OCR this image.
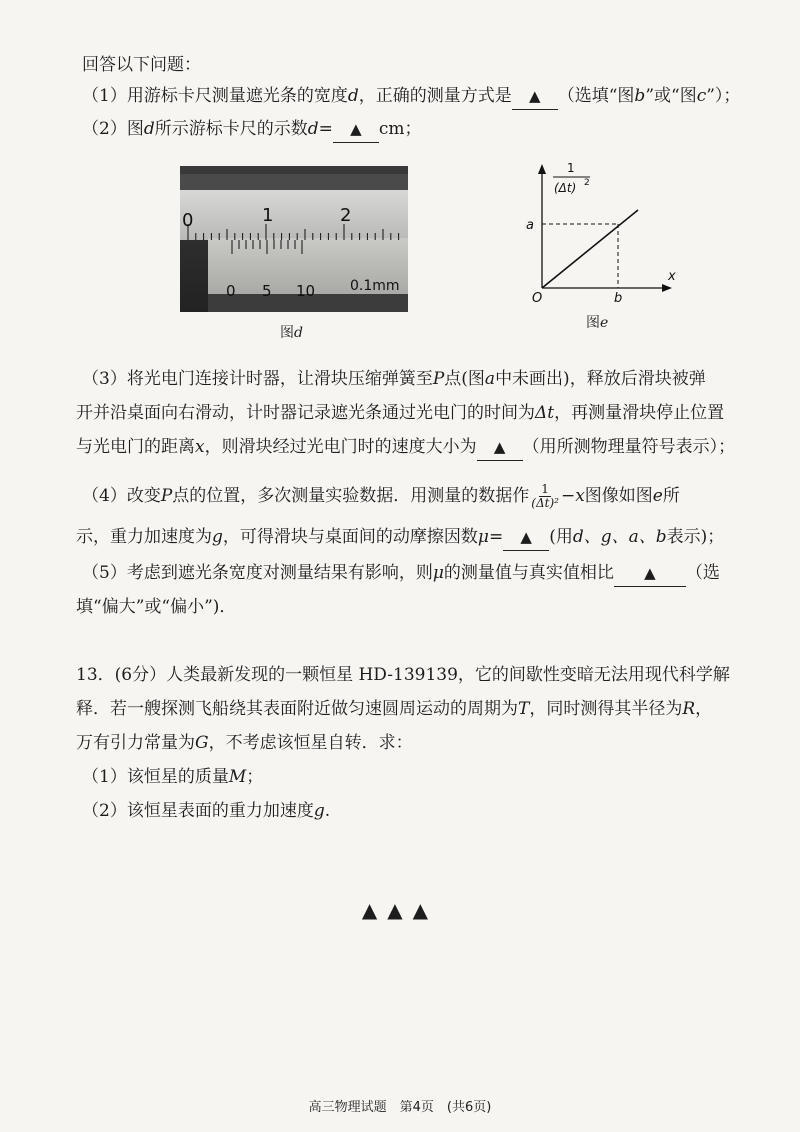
回答以下问题：
（1）用游标卡尺测量遮光条的宽度d，正确的测量方式是 ▲ （选填“图b”或“图c”）；
（2）图d所示游标卡尺的示数d= ▲ cm；
0	1	2
0 5 10 0.1mm
图d
1
(Δt) 2
x
O
a
b
图e
（3）将光电门连接计时器，让滑块压缩弹簧至P点(图a中未画出)，释放后滑块被弹
开并沿桌面向右滑动，计时器记录遮光条通过光电门的时间为Δt，再测量滑块停止位置
与光电门的距离x，则滑块经过光电门时的速度大小为 ▲ （用所测物理量符号表示）；
（4）改变P点的位置，多次测量实验数据．用测量的数据作 $\frac{1}{\text{(Δt)²}} -x$图像如图e所
示，重力加速度为g，可得滑块与桌面间的动摩擦因数μ= ▲ (用d、g、a、b表示)；
（5）考虑到遮光条宽度对测量结果有影响，则μ的测量值与真实值相比 ▲ （选
填“偏大”或“偏小”)．
13．(6分）人类最新发现的一颗恒星 HD-139139，它的间歇性变暗无法用现代科学解
释．若一艘探测飞船绕其表面附近做匀速圆周运动的周期为T，同时测得其半径为R，
万有引力常量为G，不考虑该恒星自转．求：
（1）该恒星的质量M；
（2）该恒星表面的重力加速度g.
▲▲▲
高三物理试题　第4页　(共6页)
